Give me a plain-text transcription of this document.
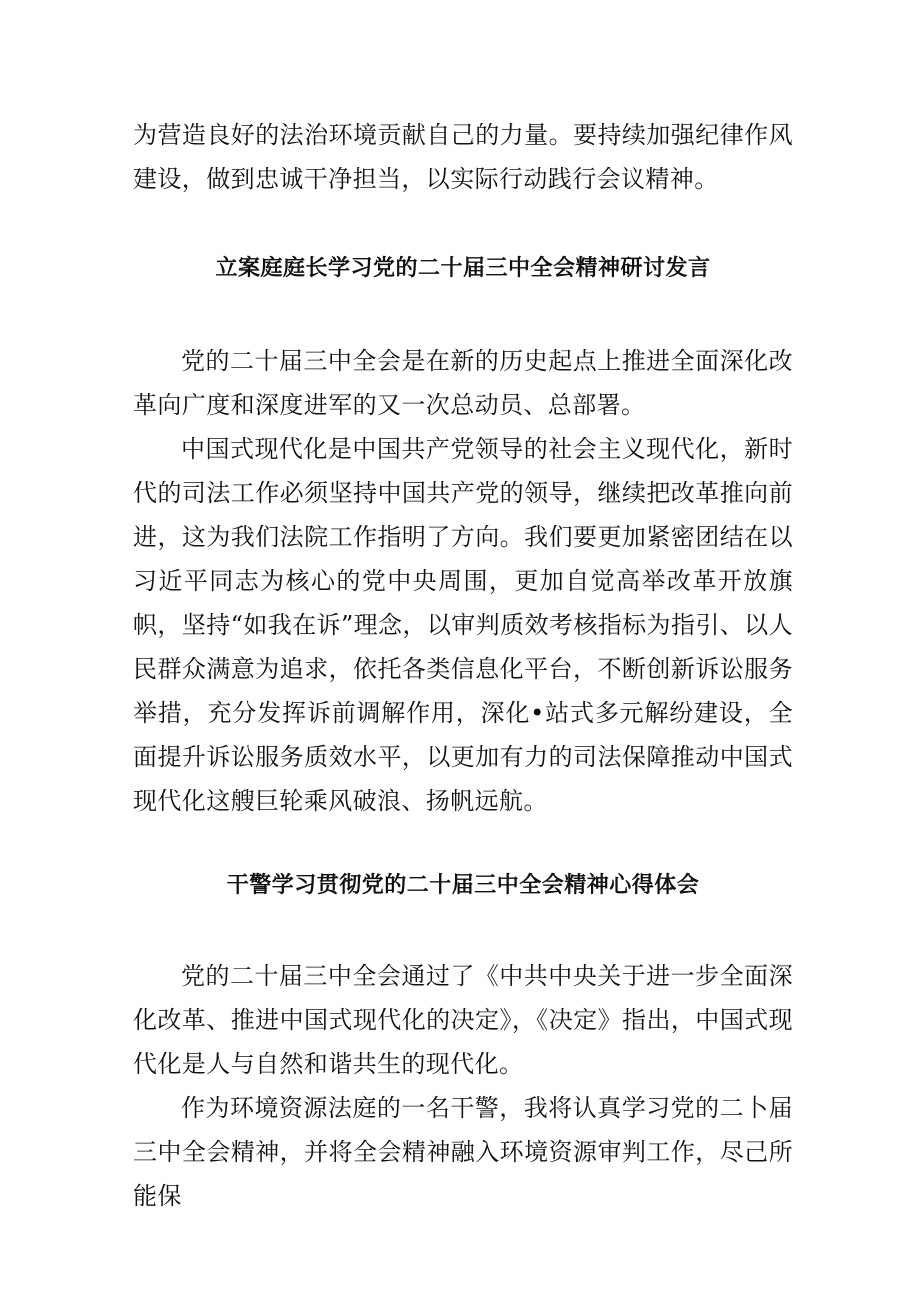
为营造良好的法治环境贡献自己的力量。要持续加强纪律作风建设，做到忠诚干净担当，以实际行动践行会议精神。

立案庭庭长学习党的二十届三中全会精神研讨发言

党的二十届三中全会是在新的历史起点上推进全面深化改革向广度和深度进军的又一次总动员、总部署。

中国式现代化是中国共产党领导的社会主义现代化，新时代的司法工作必须坚持中国共产党的领导，继续把改革推向前进，这为我们法院工作指明了方向。我们要更加紧密团结在以习近平同志为核心的党中央周围，更加自觉高举改革开放旗帜，坚持“如我在诉”理念，以审判质效考核指标为指引、以人民群众满意为追求，依托各类信息化平台，不断创新诉讼服务举措，充分发挥诉前调解作用，深化•站式多元解纷建设，全面提升诉讼服务质效水平，以更加有力的司法保障推动中国式现代化这艘巨轮乘风破浪、扬帆远航。

干警学习贯彻党的二十届三中全会精神心得体会

党的二十届三中全会通过了《中共中央关于进一步全面深化改革、推进中国式现代化的决定》，《决定》指出，中国式现代化是人与自然和谐共生的现代化。

作为环境资源法庭的一名干警，我将认真学习党的二卜届三中全会精神，并将全会精神融入环境资源审判工作，尽己所能保
